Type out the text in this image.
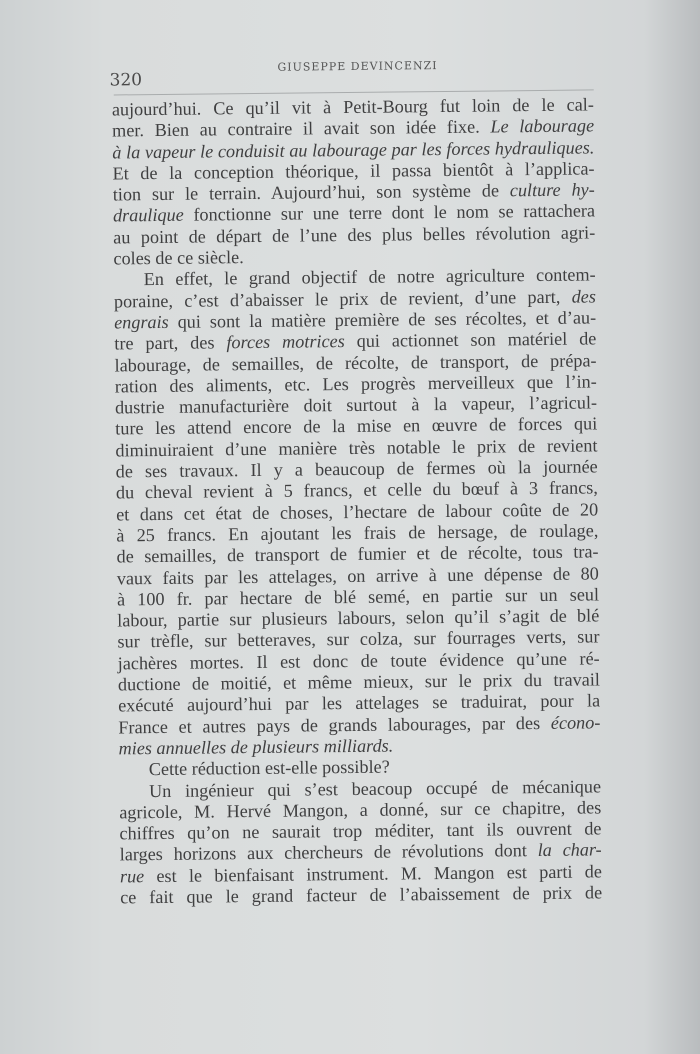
GIUSEPPE DEVINCENZI
320
aujourd’hui. Ce qu’il vit à Petit-Bourg fut loin de le cal-
mer. Bien au contraire il avait son idée fixe. Le labourage
à la vapeur le conduisit au labourage par les forces hydrauliques.
Et de la conception théorique, il passa bientôt à l’applica-
tion sur le terrain. Aujourd’hui, son système de culture hy-
draulique fonctionne sur une terre dont le nom se rattachera
au point de départ de l’une des plus belles révolution agri-
coles de ce siècle.
En effet, le grand objectif de notre agriculture contem-
poraine, c’est d’abaisser le prix de revient, d’une part, des
engrais qui sont la matière première de ses récoltes, et d’au-
tre part, des forces motrices qui actionnet son matériel de
labourage, de semailles, de récolte, de transport, de prépa-
ration des aliments, etc. Les progrès merveilleux que l’in-
dustrie manufacturière doit surtout à la vapeur, l’agricul-
ture les attend encore de la mise en œuvre de forces qui
diminuiraient d’une manière très notable le prix de revient
de ses travaux. Il y a beaucoup de fermes où la journée
du cheval revient à 5 francs, et celle du bœuf à 3 francs,
et dans cet état de choses, l’hectare de labour coûte de 20
à 25 francs. En ajoutant les frais de hersage, de roulage,
de semailles, de transport de fumier et de récolte, tous tra-
vaux faits par les attelages, on arrive à une dépense de 80
à 100 fr. par hectare de blé semé, en partie sur un seul
labour, partie sur plusieurs labours, selon qu’il s’agit de blé
sur trèfle, sur betteraves, sur colza, sur fourrages verts, sur
jachères mortes. Il est donc de toute évidence qu’une ré-
ductione de moitié, et même mieux, sur le prix du travail
exécuté aujourd’hui par les attelages se traduirat, pour la
France et autres pays de grands labourages, par des écono-
mies annuelles de plusieurs milliards.
Cette réduction est-elle possible?
Un ingénieur qui s’est beacoup occupé de mécanique
agricole, M. Hervé Mangon, a donné, sur ce chapitre, des
chiffres qu’on ne saurait trop méditer, tant ils ouvrent de
larges horizons aux chercheurs de révolutions dont la char-
rue est le bienfaisant instrument. M. Mangon est parti de
ce fait que le grand facteur de l’abaissement de prix de
